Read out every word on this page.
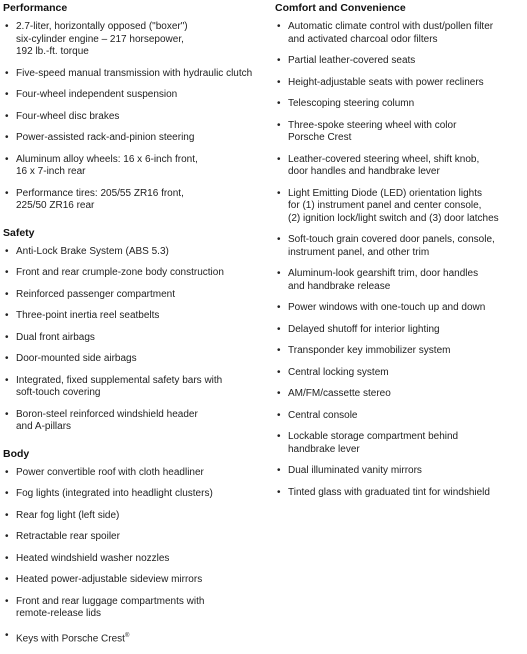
Performance
• 2.7-liter, horizontally opposed ("boxer")
six-cylinder engine – 217 horsepower,
192 lb.-ft. torque
• Five-speed manual transmission with hydraulic clutch
• Four-wheel independent suspension
• Four-wheel disc brakes
• Power-assisted rack-and-pinion steering
• Aluminum alloy wheels: 16 x 6-inch front,
16 x 7-inch rear
• Performance tires: 205/55 ZR16 front,
225/50 ZR16 rear
Safety
• Anti-Lock Brake System (ABS 5.3)
• Front and rear crumple-zone body construction
• Reinforced passenger compartment
• Three-point inertia reel seatbelts
• Dual front airbags
• Door-mounted side airbags
• Integrated, fixed supplemental safety bars with
soft-touch covering
• Boron-steel reinforced windshield header
and A-pillars
Body
• Power convertible roof with cloth headliner
• Fog lights (integrated into headlight clusters)
• Rear fog light (left side)
• Retractable rear spoiler
• Heated windshield washer nozzles
• Heated power-adjustable sideview mirrors
• Front and rear luggage compartments with
remote-release lids
• Keys with Porsche Crest®
Comfort and Convenience
• Automatic climate control with dust/pollen filter
and activated charcoal odor filters
• Partial leather-covered seats
• Height-adjustable seats with power recliners
• Telescoping steering column
• Three-spoke steering wheel with color
Porsche Crest
• Leather-covered steering wheel, shift knob,
door handles and handbrake lever
• Light Emitting Diode (LED) orientation lights
for (1) instrument panel and center console,
(2) ignition lock/light switch and (3) door latches
• Soft-touch grain covered door panels, console,
instrument panel, and other trim
• Aluminum-look gearshift trim, door handles
and handbrake release
• Power windows with one-touch up and down
• Delayed shutoff for interior lighting
• Transponder key immobilizer system
• Central locking system
• AM/FM/cassette stereo
• Central console
• Lockable storage compartment behind
handbrake lever
• Dual illuminated vanity mirrors
• Tinted glass with graduated tint for windshield
